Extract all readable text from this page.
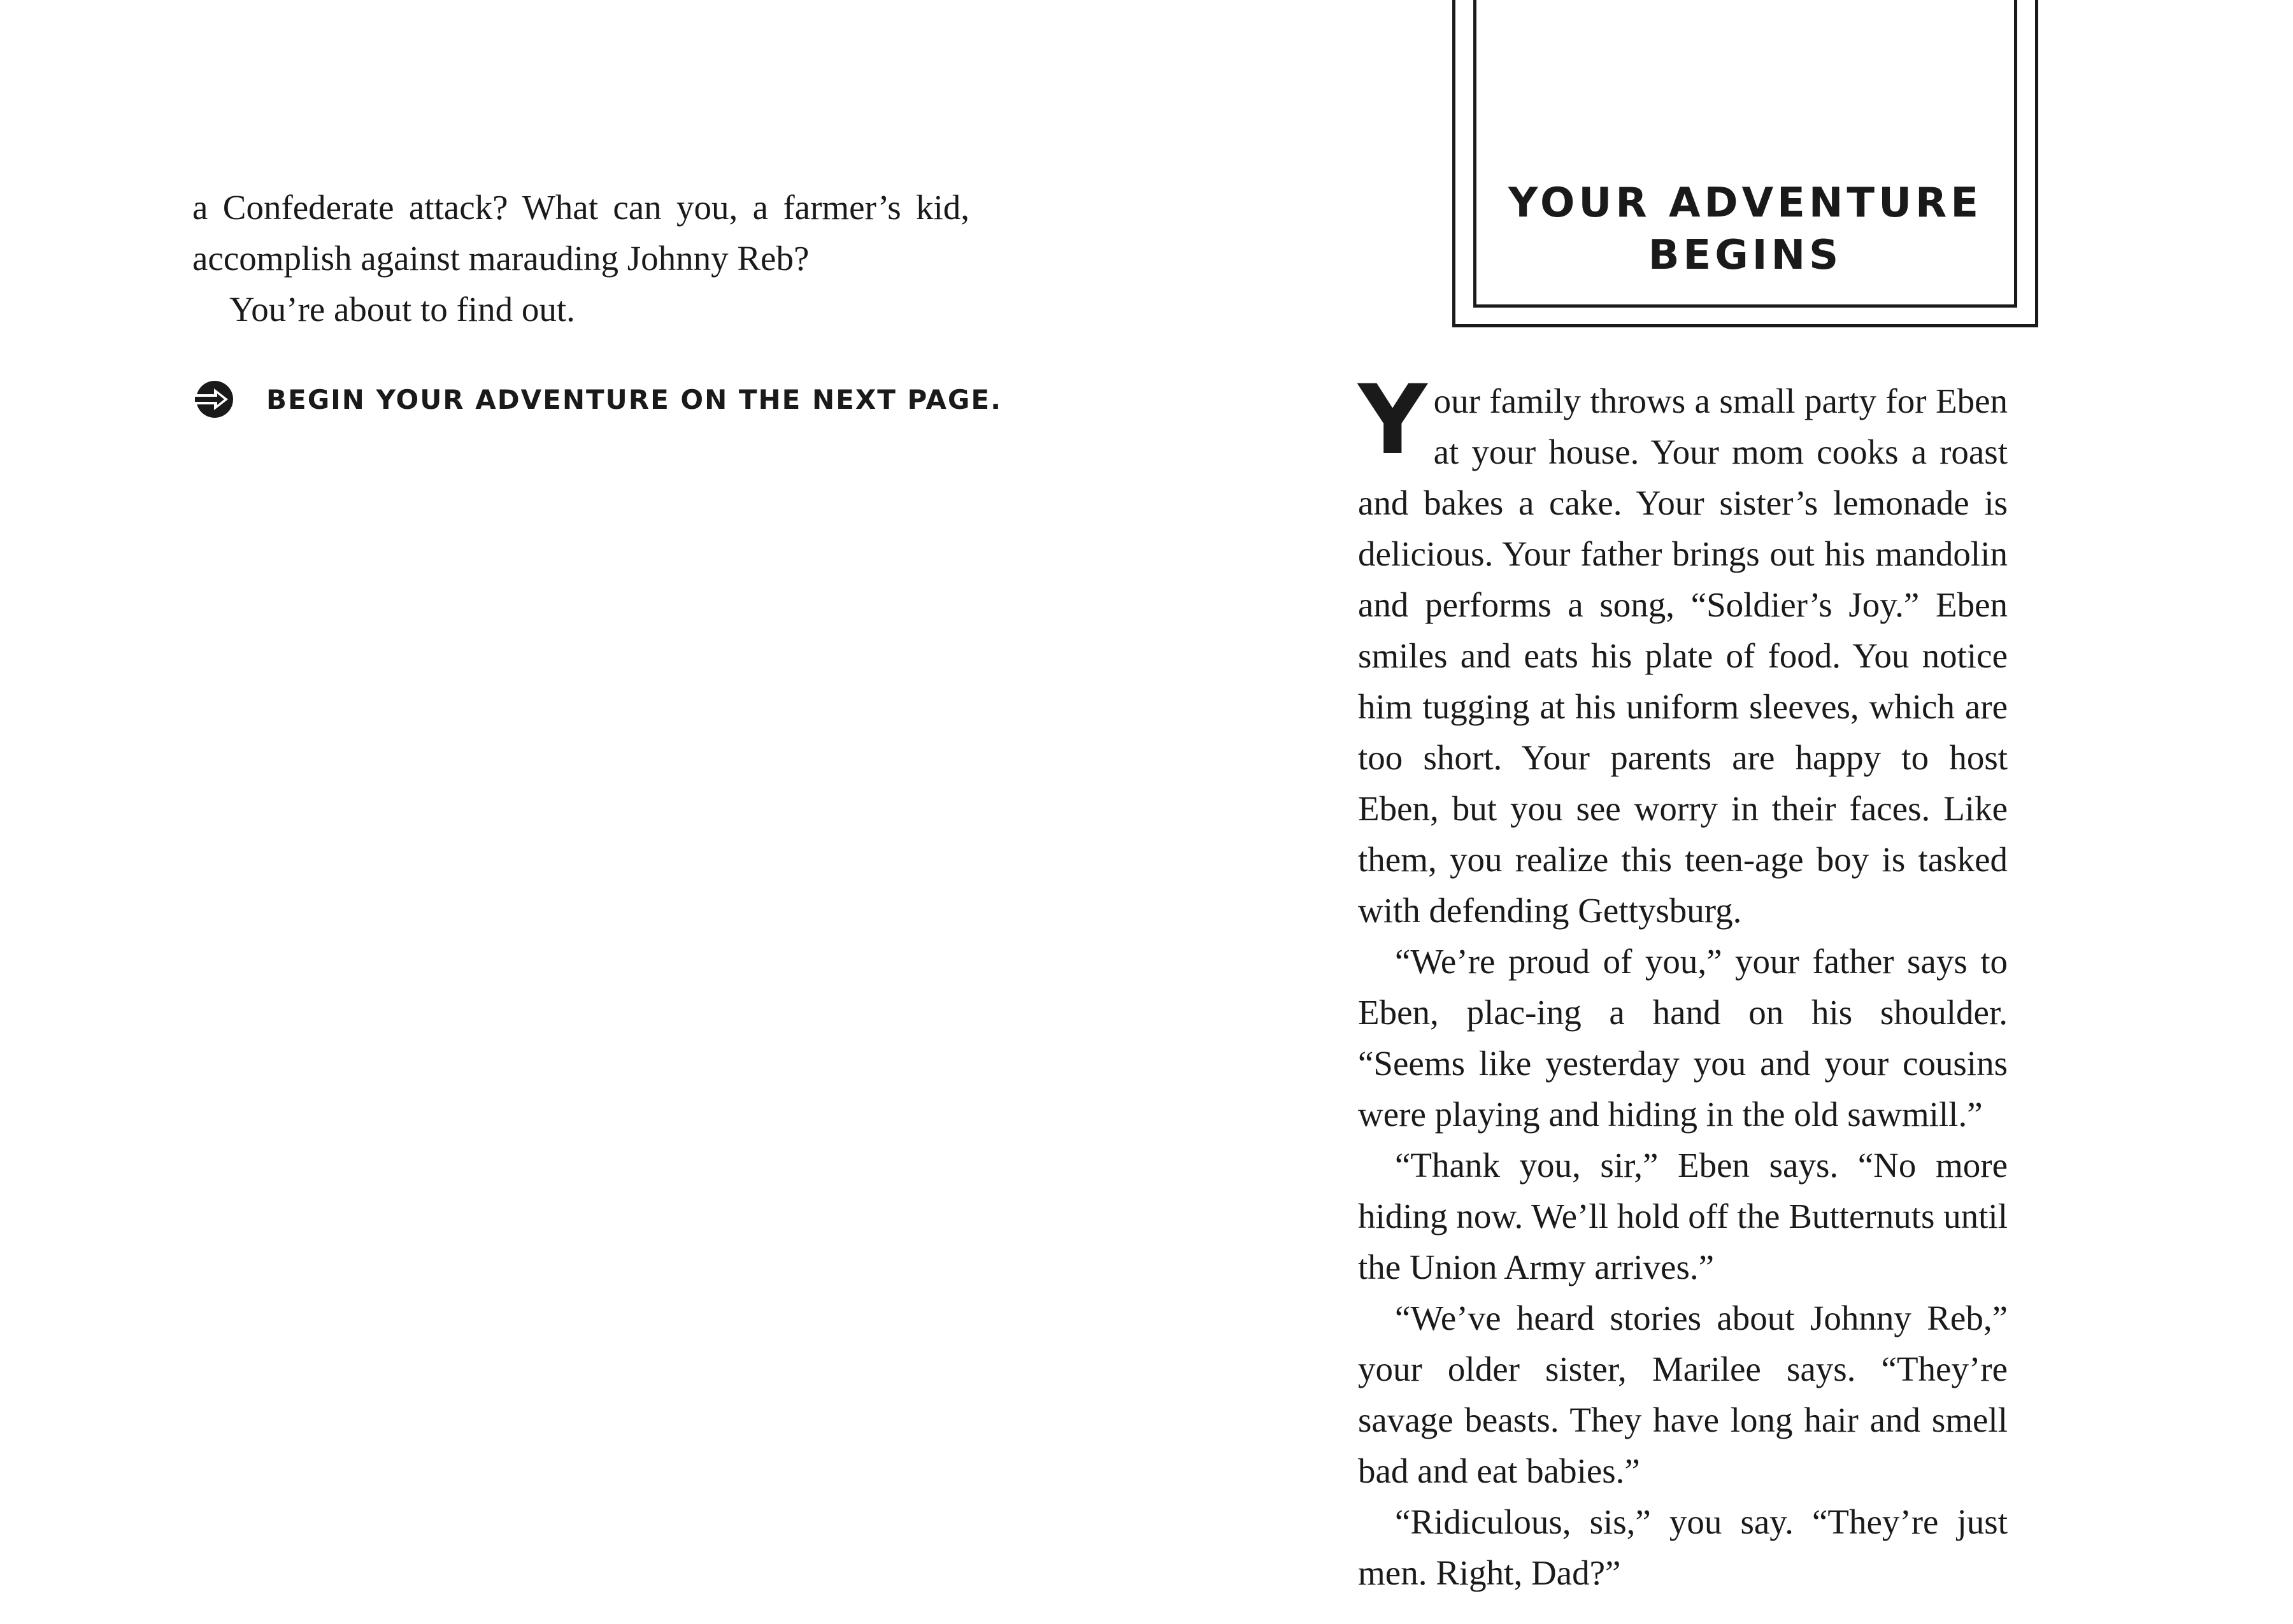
a Confederate attack? What can you, a farmer’s kid, accomplish against marauding Johnny Reb?

You’re about to find out.

BEGIN YOUR ADVENTURE ON THE NEXT PAGE.
YOUR ADVENTURE
BEGINS

Your family throws a small party for Eben at your house. Your mom cooks a roast and bakes a cake. Your sister’s lemonade is delicious. Your father brings out his mandolin and performs a song, “Soldier’s Joy.” Eben smiles and eats his plate of food. You notice him tugging at his uniform sleeves, which are too short. Your parents are happy to host Eben, but you see worry in their faces. Like them, you realize this teen-age boy is tasked with defending Gettysburg.

“We’re proud of you,” your father says to Eben, plac-ing a hand on his shoulder. “Seems like yesterday you and your cousins were playing and hiding in the old sawmill.”

“Thank you, sir,” Eben says. “No more hiding now. We’ll hold off the Butternuts until the Union Army arrives.”

“We’ve heard stories about Johnny Reb,” your older sister, Marilee says. “They’re savage beasts. They have long hair and smell bad and eat babies.”

“Ridiculous, sis,” you say. “They’re just men. Right, Dad?”
